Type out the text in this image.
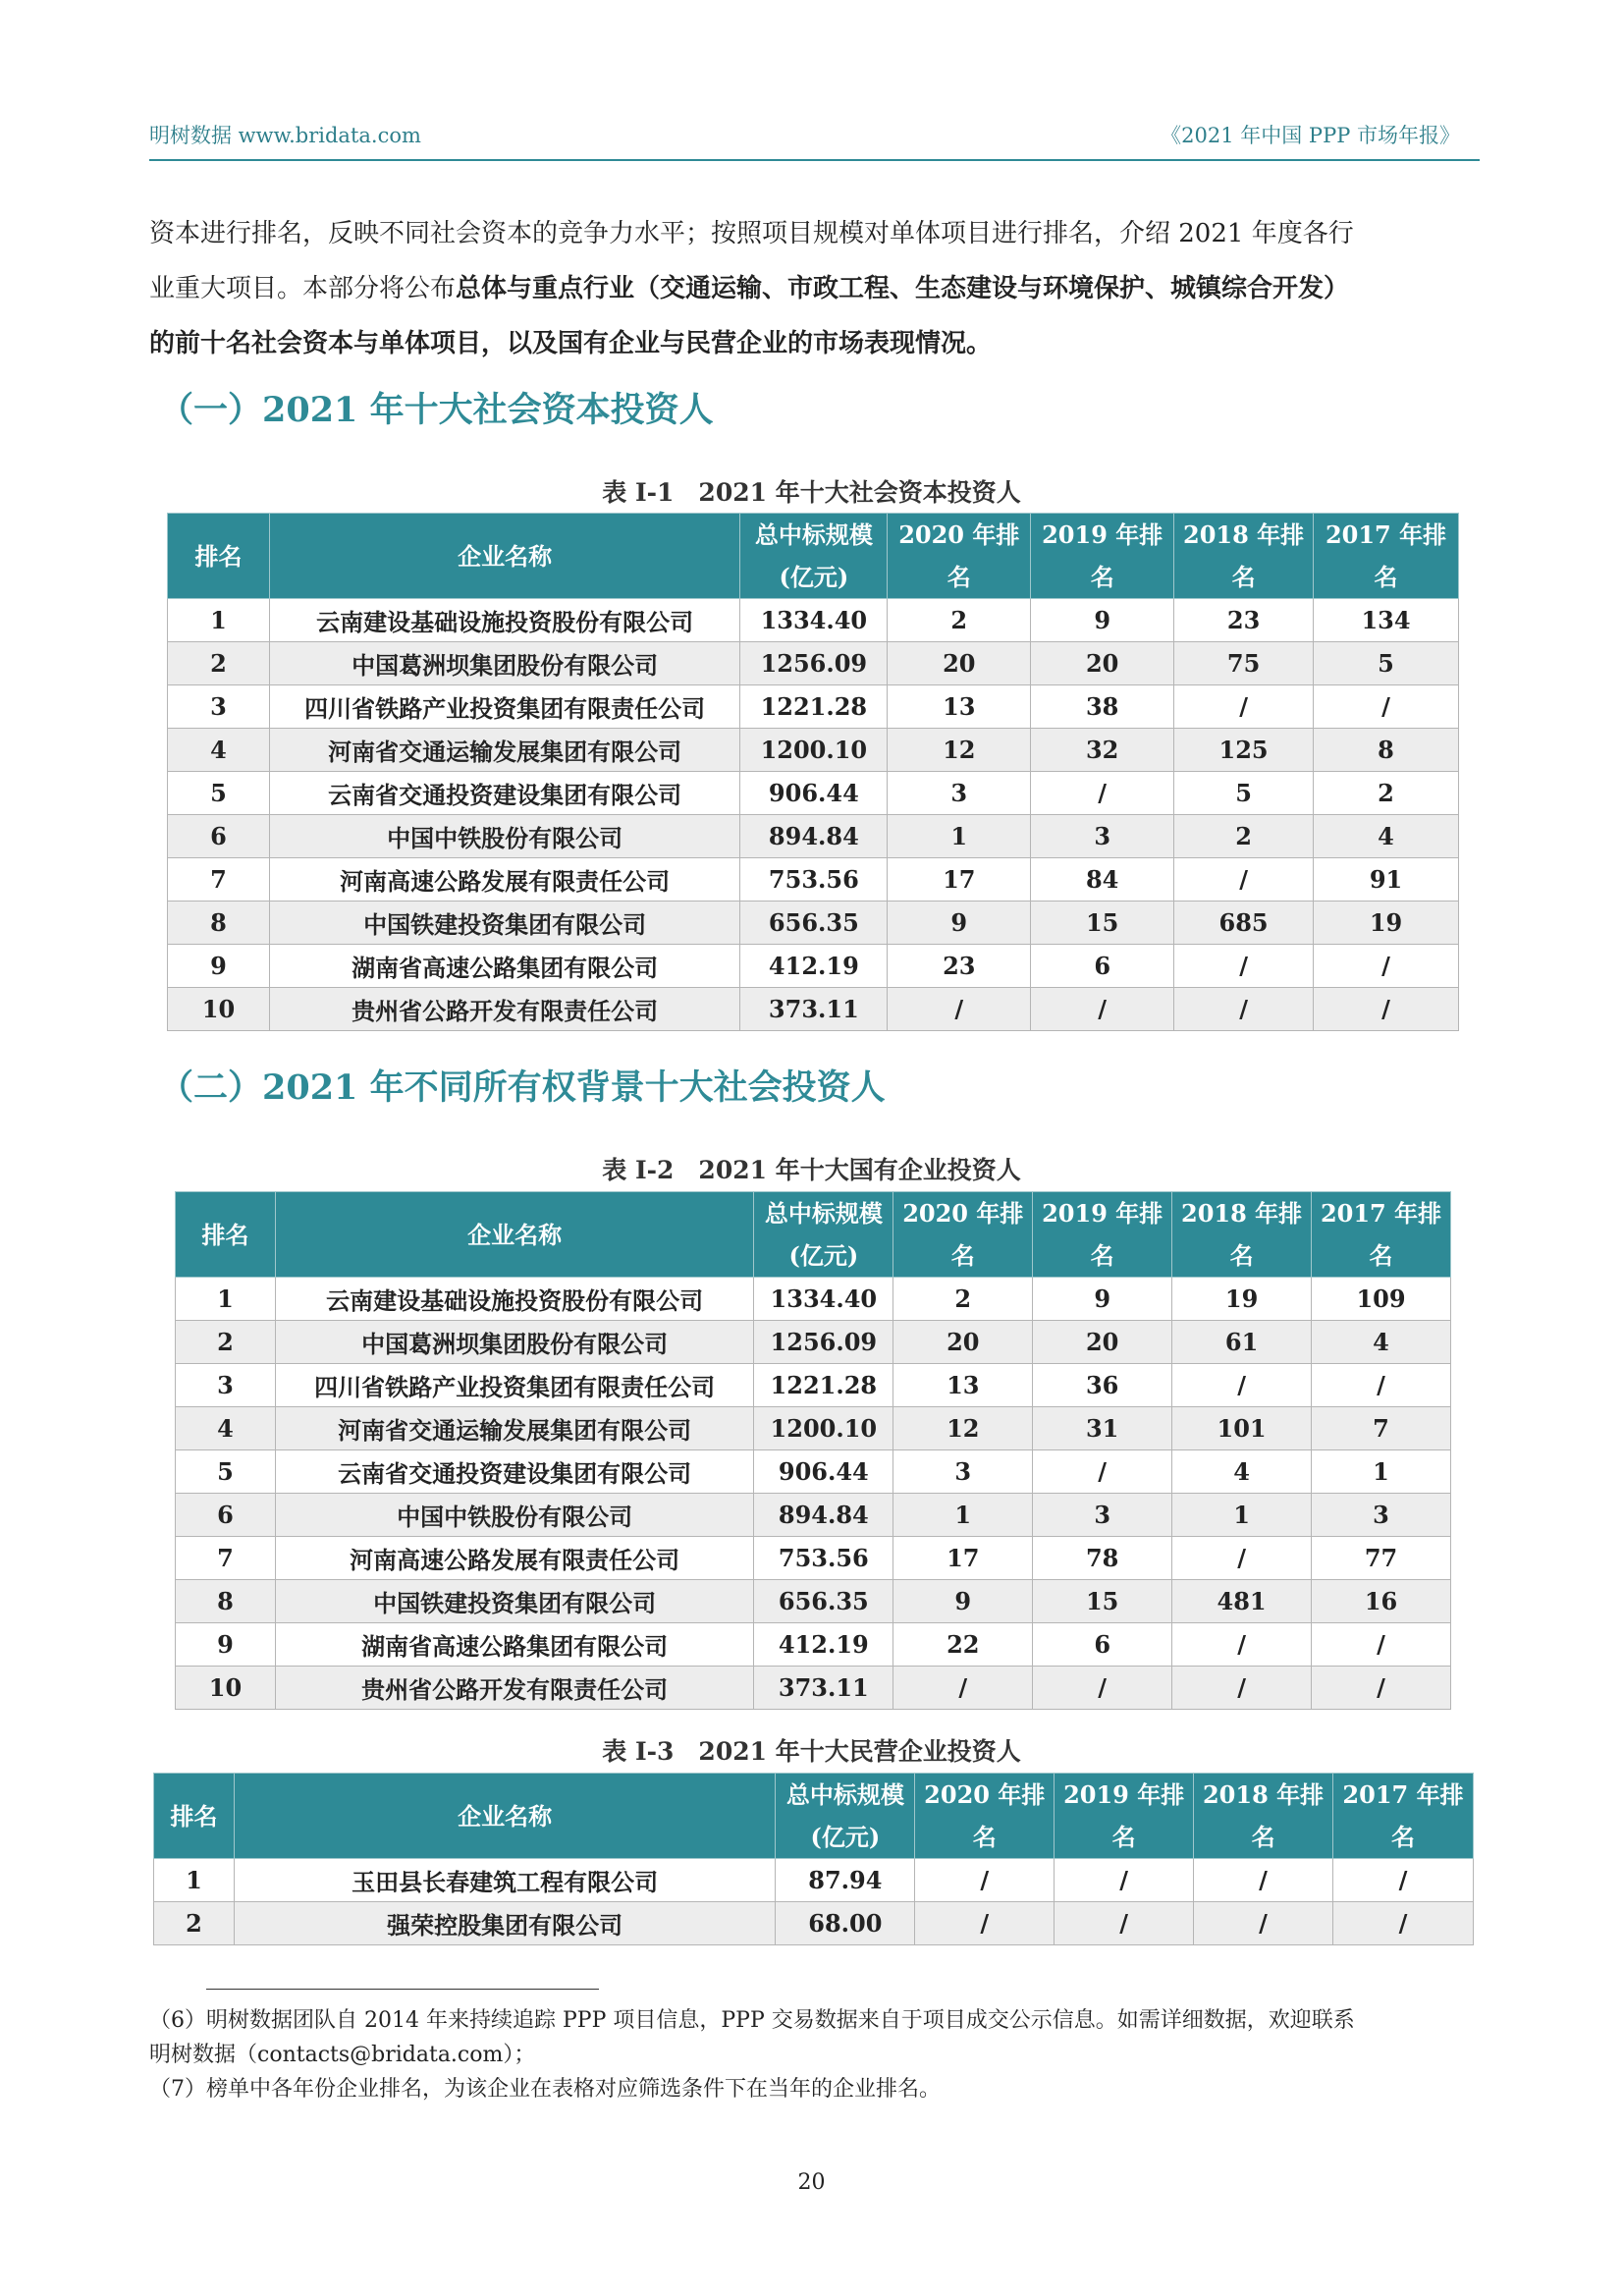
明树数据 www.bridata.com	《2021 年中国 PPP 市场年报》
资本进行排名，反映不同社会资本的竞争力水平；按照项目规模对单体项目进行排名，介绍 2021 年度各行
业重大项目。本部分将公布总体与重点行业（交通运输、市政工程、生态建设与环境保护、城镇综合开发）
的前十名社会资本与单体项目，以及国有企业与民营企业的市场表现情况。
（一）2021 年十大社会资本投资人
表 I-1　2021 年十大社会资本投资人
排名	企业名称	总中标规模(亿元)	2020 年排名	2019 年排名	2018 年排名	2017 年排名
1	云南建设基础设施投资股份有限公司	1334.40	2	9	23	134
2	中国葛洲坝集团股份有限公司	1256.09	20	20	75	5
3	四川省铁路产业投资集团有限责任公司	1221.28	13	38	/	/
4	河南省交通运输发展集团有限公司	1200.10	12	32	125	8
5	云南省交通投资建设集团有限公司	906.44	3	/	5	2
6	中国中铁股份有限公司	894.84	1	3	2	4
7	河南高速公路发展有限责任公司	753.56	17	84	/	91
8	中国铁建投资集团有限公司	656.35	9	15	685	19
9	湖南省高速公路集团有限公司	412.19	23	6	/	/
10	贵州省公路开发有限责任公司	373.11	/	/	/	/
（二）2021 年不同所有权背景十大社会投资人
表 I-2　2021 年十大国有企业投资人
排名	企业名称	总中标规模(亿元)	2020 年排名	2019 年排名	2018 年排名	2017 年排名
1	云南建设基础设施投资股份有限公司	1334.40	2	9	19	109
2	中国葛洲坝集团股份有限公司	1256.09	20	20	61	4
3	四川省铁路产业投资集团有限责任公司	1221.28	13	36	/	/
4	河南省交通运输发展集团有限公司	1200.10	12	31	101	7
5	云南省交通投资建设集团有限公司	906.44	3	/	4	1
6	中国中铁股份有限公司	894.84	1	3	1	3
7	河南高速公路发展有限责任公司	753.56	17	78	/	77
8	中国铁建投资集团有限公司	656.35	9	15	481	16
9	湖南省高速公路集团有限公司	412.19	22	6	/	/
10	贵州省公路开发有限责任公司	373.11	/	/	/	/
表 I-3　2021 年十大民营企业投资人
排名	企业名称	总中标规模(亿元)	2020 年排名	2019 年排名	2018 年排名	2017 年排名
1	玉田县长春建筑工程有限公司	87.94	/	/	/	/
2	强荣控股集团有限公司	68.00	/	/	/	/
（6）明树数据团队自 2014 年来持续追踪 PPP 项目信息，PPP 交易数据来自于项目成交公示信息。如需详细数据，欢迎联系
明树数据（contacts@bridata.com）；
（7）榜单中各年份企业排名，为该企业在表格对应筛选条件下在当年的企业排名。
20
